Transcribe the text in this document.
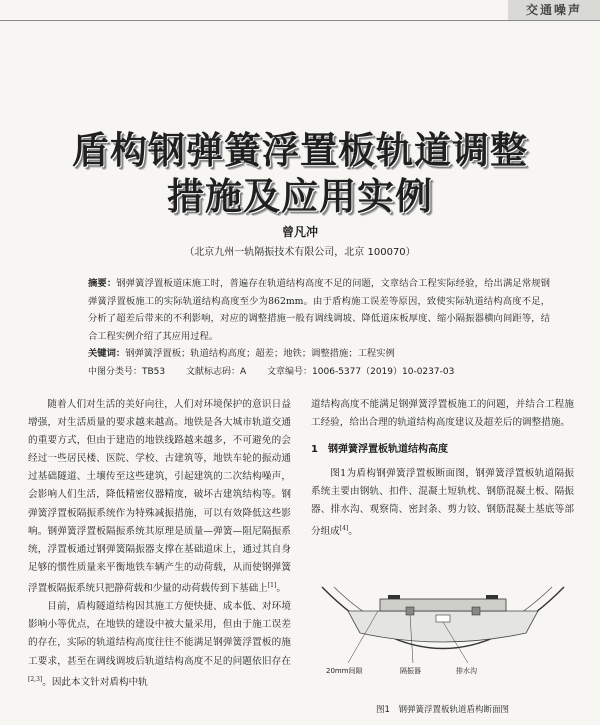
交通噪声
盾构钢弹簧浮置板轨道调整
措施及应用实例
曾凡冲
（北京九州一轨隔振技术有限公司，北京 100070）
摘要：钢弹簧浮置板道床施工时，普遍存在轨道结构高度不足的问题，文章结合工程实际经验，给出满足常规钢弹簧浮置板施工的实际轨道结构高度至少为862mm。由于盾构施工误差等原因，致使实际轨道结构高度不足，分析了超差后带来的不利影响，对应的调整措施一般有调线调坡、降低道床板厚度、缩小隔振器横向间距等，结合工程实例介绍了其应用过程。
关键词：钢弹簧浮置板；轨道结构高度；超差；地铁；调整措施；工程实例
中图分类号：TB53 文献标志码：A 文章编号：1006-5377（2019）10-0237-03

随着人们对生活的美好向往，人们对环境保护的意识日益增强，对生活质量的要求越来越高。地铁是各大城市轨道交通的重要方式，但由于建造的地铁线路越来越多，不可避免的会经过一些居民楼、医院、学校、古建筑等，地铁车轮的振动通过基础隧道、土壤传至这些建筑，引起建筑的二次结构噪声，会影响人们生活，降低精密仪器精度，破坏古建筑结构等。钢弹簧浮置板隔振系统作为特殊减振措施，可以有效降低这些影响。钢弹簧浮置板隔振系统其原理是质量—弹簧—阻尼隔振系统，浮置板通过钢弹簧隔振器支撑在基础道床上，通过其自身足够的惯性质量来平衡地铁车辆产生的动荷载，从而使钢弹簧浮置板隔振系统只把静荷载和少量的动荷载传到下基础上[1]。

目前，盾构隧道结构因其施工方便快捷、成本低、对环境影响小等优点，在地铁的建设中被大量采用，但由于施工误差的存在，实际的轨道结构高度往往不能满足钢弹簧浮置板的施工要求，甚至在调线调坡后轨道结构高度不足的问题依旧存在[2,3]。因此本文针对盾构中轨

道结构高度不能满足钢弹簧浮置板施工的问题，并结合工程施工经验，给出合理的轨道结构高度建议及超差后的调整措施。

1　钢弹簧浮置板轨道结构高度

图1为盾构钢弹簧浮置板断面图，钢弹簧浮置板轨道隔振系统主要由钢轨、扣件、混凝土短轨枕、钢筋混凝土板、隔振器、排水沟、观察筒、密封条、剪力铰、钢筋混凝土基底等部分组成[4]。

20mm间隙	隔振器	排水沟
图1　钢弹簧浮置板轨道盾构断面图
